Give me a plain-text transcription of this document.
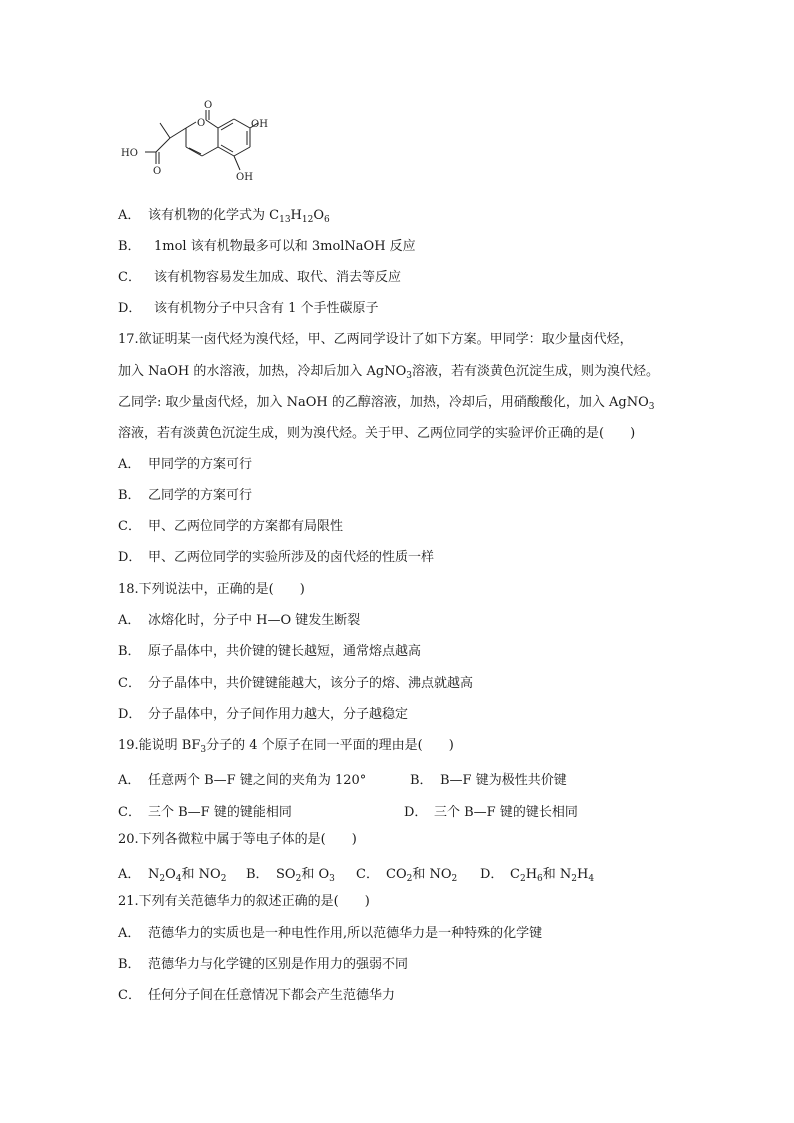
O
O	OH
OH
HO
O
A． 该有机物的化学式为 $C_{13}H_{12}O_6$
B． 1mol 该有机物最多可以和 3molNaOH 反应
C． 该有机物容易发生加成、取代、消去等反应
D． 该有机物分子中只含有 1 个手性碳原子
17.欲证明某一卤代烃为溴代烃，甲、乙两同学设计了如下方案。甲同学：取少量卤代烃，
加入 NaOH 的水溶液，加热，冷却后加入 AgNO$_3$溶液，若有淡黄色沉淀生成，则为溴代烃。
乙同学: 取少量卤代烃，加入 NaOH 的乙醇溶液，加热，冷却后，用硝酸酸化，加入 AgNO$_3$
溶液，若有淡黄色沉淀生成，则为溴代烃。关于甲、乙两位同学的实验评价正确的是(　　)
A． 甲同学的方案可行
B． 乙同学的方案可行
C． 甲、乙两位同学的方案都有局限性
D． 甲、乙两位同学的实验所涉及的卤代烃的性质一样
18.下列说法中，正确的是(　　)
A． 冰熔化时，分子中 H—O 键发生断裂
B． 原子晶体中，共价键的键长越短，通常熔点越高
C． 分子晶体中，共价键键能越大，该分子的熔、沸点就越高
D． 分子晶体中，分子间作用力越大，分子越稳定
19.能说明 $BF_3$分子的 4 个原子在同一平面的理由是(　　)
A． 任意两个 B—F 键之间的夹角为 120°	B． B—F 键为极性共价键
C． 三个 B—F 键的键能相同	D． 三个 B—F 键的键长相同
20.下列各微粒中属于等电子体的是(　　)
A． $N_2O_4$和 $NO_2$ B． $SO_2$和 $O_3$ C． $CO_2$和 $NO_2$ D． $C_2H_6$和 $N_2H_4$
21.下列有关范德华力的叙述正确的是(　　)
A． 范德华力的实质也是一种电性作用,所以范德华力是一种特殊的化学键
B． 范德华力与化学键的区别是作用力的强弱不同
C． 任何分子间在任意情况下都会产生范德华力
